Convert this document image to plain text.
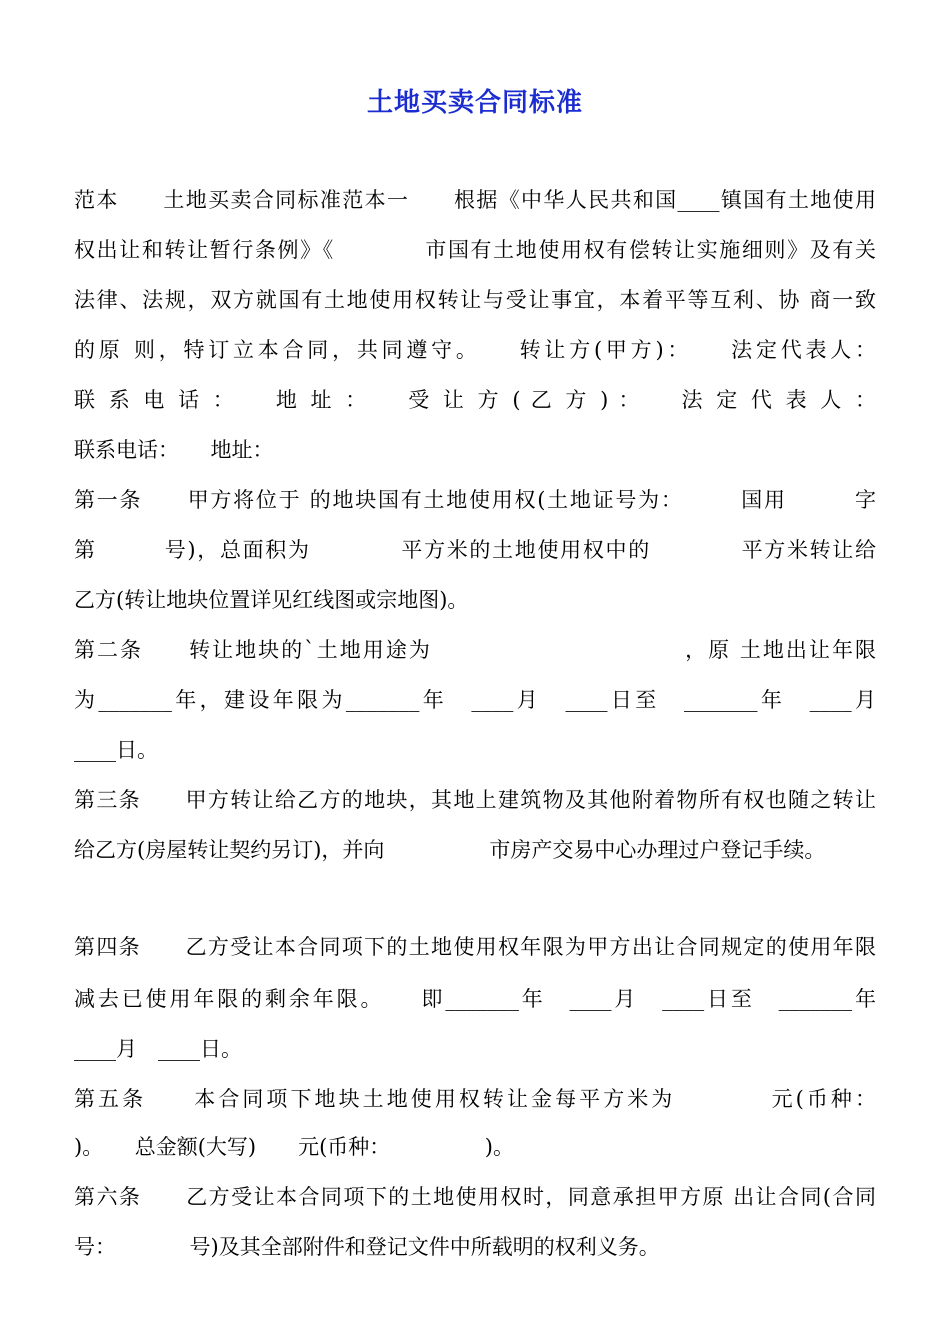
土地买卖合同标准
范本　　土地买卖合同标准范本一　　根据《中华人民共和国____镇国有土地使用
权出让和转让暂行条例》《　　　　市国有土地使用权有偿转让实施细则》及有关
法律、法规，双方就国有土地使用权转让与受让事宜，本着平等互利、协 商一致
的原 则，特订立本合同，共同遵守。　　转让方(甲方)：　　法定代表人：
联 系 电 话 ：　　地 址 ：　　受 让 方 ( 乙 方 ) ：　　法 定 代 表 人 ：
联系电话：　　地址：
第一条　　甲方将位于 的地块国有土地使用权(土地证号为：　　　国用　　　字
第　　　号)，总面积为　　　　平方米的土地使用权中的　　　　平方米转让给
乙方(转让地块位置详见红线图或宗地图)。
第二条　　转让地块的`土地用途为　　　　　　　　　　　，原 土地出让年限
为_______年，建设年限为_______年　____月　____日至　_______年　____月
____日。
第三条　　甲方转让给乙方的地块，其地上建筑物及其他附着物所有权也随之转让
给乙方(房屋转让契约另订)，并向　　　　　市房产交易中心办理过户登记手续。
第四条　　乙方受让本合同项下的土地使用权年限为甲方出让合同规定的使用年限
减去已使用年限的剩余年限。　　即_______年　____月　____日至　_______年
____月　____日。
第五条　　本合同项下地块土地使用权转让金每平方米为　　　　元(币种：
)。　　总金额(大写)　　元(币种：　　　　　)。
第六条　　乙方受让本合同项下的土地使用权时，同意承担甲方原 出让合同(合同
号：　　　　号)及其全部附件和登记文件中所载明的权利义务。
